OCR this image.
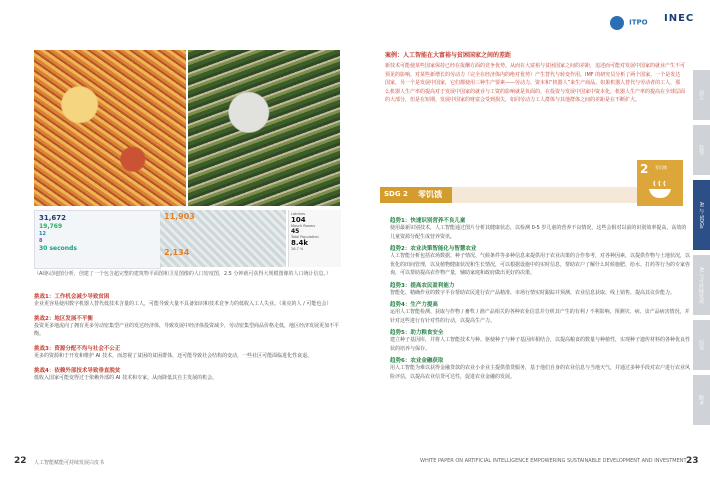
ITPO INEC
31,672
19,769
12
8
30 seconds
11,903
2,134
Latrines
104
Mosch Rooms
45
Total Population
8.4k
26.7 %
（AI驱动地图分析，创建了一个包含超完整的建筑物平面图和卫星图像的人口密度图，2.5 分钟就可获得大规模图像的人口统计信息。）
挑战1：工作机会减少导致贫困
企业更容易使用数字机器人替代低技术含量的工人，可能导致大量不具备知识和技术竞争力的低收入工人失业。（莱克的人 / 可能也会）
挑战2：地区发展不平衡
投资更多地流向了拥有更多劳动密集型产业的发达经济体，导致发展中经济体投资减少，劳动密集型商品价格走低，地区经济发展更加不平衡。
挑战3：资源分配不均与社会不公正
更多的资源和于开发和维护 AI 技术，而忽视了贫困的贫困群体，还可能导致社会结构的变动，一些社区可能面临进化性衰退。
挑战4：依赖外部技术导致垂直脱贫
低收入国家可能变得过于依赖外部的 AI 技术和专家，从而降低其自主发展的机会。
22 人工智能赋能可持续发展白皮书
案例：人工智能在大富裕与贫困国家之间的差距
新技术可能使某些国家保持已经在报酬方面的竞争优势。从而在大富裕与贫困国家之间的差距，追述而可能对发展中国家的就业产生不可预见的影响。对某些新增长的劳动力（完全在经济体内的绝对优势）产生替代与转变作用。IMF 的研究员分析了两个国家，一个是发达国家，另一个是发展中国家，它们都使用三种生产要素——劳动力、资本和“机器人”来生产商品。如果机器人替代与劳动者的工人，那么机器人生产率的提高对于发展中国家的就业与工资的影响就是负面的。在投资与发展中国家中资本化，机器人生产率的提高在全球层面的大部分，但是在短期，发展中国家的财富会受到损失，如同劳动力工人群体与其他群体之间的差距是在不断扩大。
SDG 2 零饥饿
2 零饥饿
趋势1：快速识别营养不良儿童
使用最新识别技术，人工智能通过图片分析其健康状态，以检测 0-5 岁儿童的营养不良情况，这些会相对以前的识别效率提高，高效的儿童资源分配生成营养资讯。
趋势2：农业决策智能化与智慧农业
人工智能分析包括农场数据、种子情况、气候条件等多种信息来提供用于农业决策的合作参考，对各种因素，以提供作物与土地状况，以优化的田间管理，以及植物健康状况和生长情况，可以根据设施中的实时信息，帮助农户了解什么时候施肥、给水、打药等行为的专家咨询，可以帮助提高农作物产量，辅助家庭和政府做出更好的决策。
趋势3：提高农民盈利能力
智能化、精确作业的数字平台帮助农民进行农产品精准、市场行情实时跟踪并预测、农业信息获取、线上销售、提高其议价能力。
趋势4：生产力提高
运用人工智能检测、获取与作物 / 畜牧 / 渔产品相关的各种农业信息并分析其产生的有利 / 不利影响，预测灾、病、虫产品病害情况，并针对这些进行有针对性的行动，以提高生产力。
趋势5：助力粮食安全
建立种子基因库，并将人工智能技术与种、驱使种子与种子基因库相结合，以提高粮食的数量与种植性，实现种子遗传材料的各种优良性状的培养与保存。
趋势6：农业金融获取
用人工智能为难以获得金融贷款的农业小企业主提供借贷服务，基于他们自身的农业信息与当地天气，并通过多种手段对农户进行农业风险评估，以提高农业信贷可达性，促进农业金融的发展。
前言
趋势
AI 与 SDGs
AI 与可持续发展
结语
附录
WHITE PAPER ON ARTIFICIAL INTELLIGENCE EMPOWERING SUSTAINABLE DEVELOPMENT AND INVESTMENT 23
